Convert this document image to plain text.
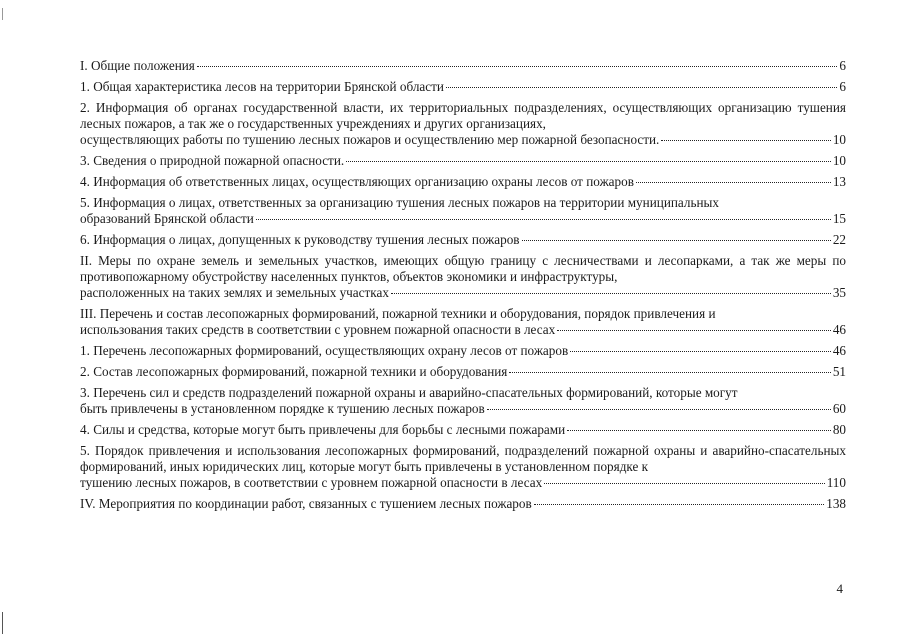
I. Общие положения	6
1. Общая характеристика лесов на территории Брянской области	6
2. Информация об органах государственной власти, их территориальных подразделениях, осуществляющих организацию тушения лесных пожаров, а так же о государственных учреждениях и других организациях,
осуществляющих работы по тушению лесных пожаров и осуществлению мер пожарной безопасности.	10
3. Сведения о природной пожарной опасности.	10
4. Информация об ответственных лицах, осуществляющих организацию охраны лесов от пожаров	13
5. Информация о лицах, ответственных за организацию тушения лесных пожаров на территории муниципальных
образований Брянской области	15
6. Информация о лицах, допущенных к руководству тушения лесных пожаров	22
II. Меры по охране земель и земельных участков, имеющих общую границу с лесничествами и лесопарками, а так же меры по противопожарному обустройству населенных пунктов, объектов экономики и инфраструктуры,
расположенных на таких землях и земельных участках	35
III. Перечень и состав лесопожарных формирований, пожарной техники и оборудования, порядок привлечения и
использования таких средств в соответствии с уровнем пожарной опасности в лесах	46
1. Перечень лесопожарных формирований, осуществляющих охрану лесов от пожаров	46
2. Состав лесопожарных формирований, пожарной техники и оборудования	51
3. Перечень сил и средств подразделений пожарной охраны и аварийно-спасательных формирований, которые могут
быть привлечены в установленном порядке к тушению лесных пожаров	60
4. Силы и средства, которые могут быть привлечены для борьбы с лесными пожарами	80
5. Порядок привлечения и использования лесопожарных формирований, подразделений пожарной охраны и аварийно-спасательных формирований, иных юридических лиц, которые могут быть привлечены в установленном порядке к
тушению лесных пожаров, в соответствии с уровнем пожарной опасности в лесах	110
IV. Мероприятия по координации работ, связанных с тушением лесных пожаров	138
4
